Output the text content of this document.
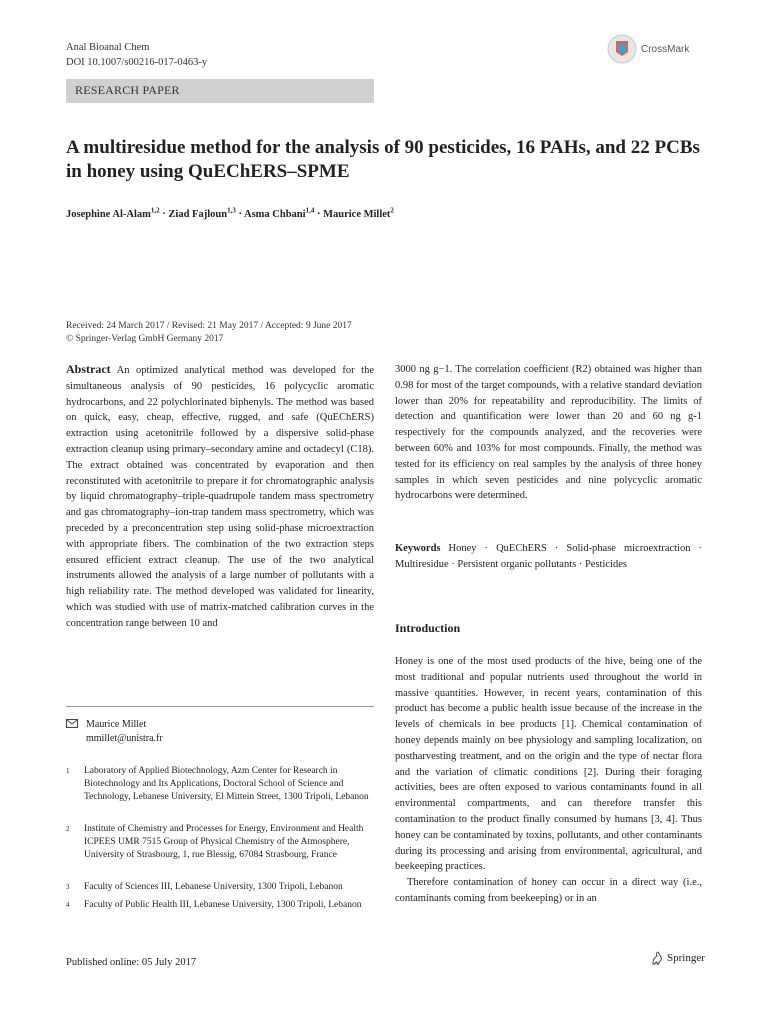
Anal Bioanal Chem
DOI 10.1007/s00216-017-0463-y
CrossMark
RESEARCH PAPER
A multiresidue method for the analysis of 90 pesticides, 16 PAHs, and 22 PCBs in honey using QuEChERS–SPME
Josephine Al-Alam$^{1,2}$ · Ziad Fajloun$^{1,3}$ · Asma Chbani$^{1,4}$ · Maurice Millet$^2$
Received: 24 March 2017 / Revised: 21 May 2017 / Accepted: 9 June 2017
© Springer-Verlag GmbH Germany 2017
Abstract An optimized analytical method was developed for the simultaneous analysis of 90 pesticides, 16 polycyclic aromatic hydrocarbons, and 22 polychlorinated biphenyls. The method was based on quick, easy, cheap, effective, rugged, and safe (QuEChERS) extraction using acetonitrile followed by a dispersive solid-phase extraction cleanup using primary–secondary amine and octadecyl (C18). The extract obtained was concentrated by evaporation and then reconstituted with acetonitrile to prepare it for chromatographic analysis by liquid chromatography–triple-quadrupole tandem mass spectrometry and gas chromatography–ion-trap tandem mass spectrometry, which was preceded by a preconcentration step using solid-phase microextraction with appropriate fibers. The combination of the two extraction steps ensured efficient extract cleanup. The use of the two analytical instruments allowed the analysis of a large number of pollutants with a high reliability rate. The method developed was validated for linearity, which was studied with use of matrix-matched calibration curves in the concentration range between 10 and
Maurice Millet
mmillet@unistra.fr
1 Laboratory of Applied Biotechnology, Azm Center for Research in Biotechnology and Its Applications, Doctoral School of Science and Technology, Lebanese University, El Mittein Street, 1300 Tripoli, Lebanon
2 Institute of Chemistry and Processes for Energy, Environment and Health ICPEES UMR 7515 Group of Physical Chemistry of the Atmosphere, University of Strasbourg, 1, rue Blessig, 67084 Strasbourg, France
3 Faculty of Sciences III, Lebanese University, 1300 Tripoli, Lebanon
4 Faculty of Public Health III, Lebanese University, 1300 Tripoli, Lebanon
3000 ng g−1. The correlation coefficient (R2) obtained was higher than 0.98 for most of the target compounds, with a relative standard deviation lower than 20% for repeatability and reproducibility. The limits of detection and quantification were lower than 20 and 60 ng g-1 respectively for the compounds analyzed, and the recoveries were between 60% and 103% for most compounds. Finally, the method was tested for its efficiency on real samples by the analysis of three honey samples in which seven pesticides and nine polycyclic aromatic hydrocarbons were determined.
Keywords Honey · QuEChERS · Solid-phase microextraction · Multiresidue · Persistent organic pollutants · Pesticides
Introduction
Honey is one of the most used products of the hive, being one of the most traditional and popular nutrients used throughout the world in massive quantities. However, in recent years, contamination of this product has become a public health issue because of the increase in the levels of chemicals in bee products [1]. Chemical contamination of honey depends mainly on bee physiology and sampling localization, on postharvesting treatment, and on the origin and the type of nectar flora and the variation of climatic conditions [2]. During their foraging activities, bees are often exposed to various contaminants found in all environmental compartments, and can therefore transfer this contamination to the product finally consumed by humans [3, 4]. Thus honey can be contaminated by toxins, pollutants, and other contaminants during its processing and arising from environmental, agricultural, and beekeeping practices.
Therefore contamination of honey can occur in a direct way (i.e., contaminants coming from beekeeping) or in an
Published online: 05 July 2017	Springer
